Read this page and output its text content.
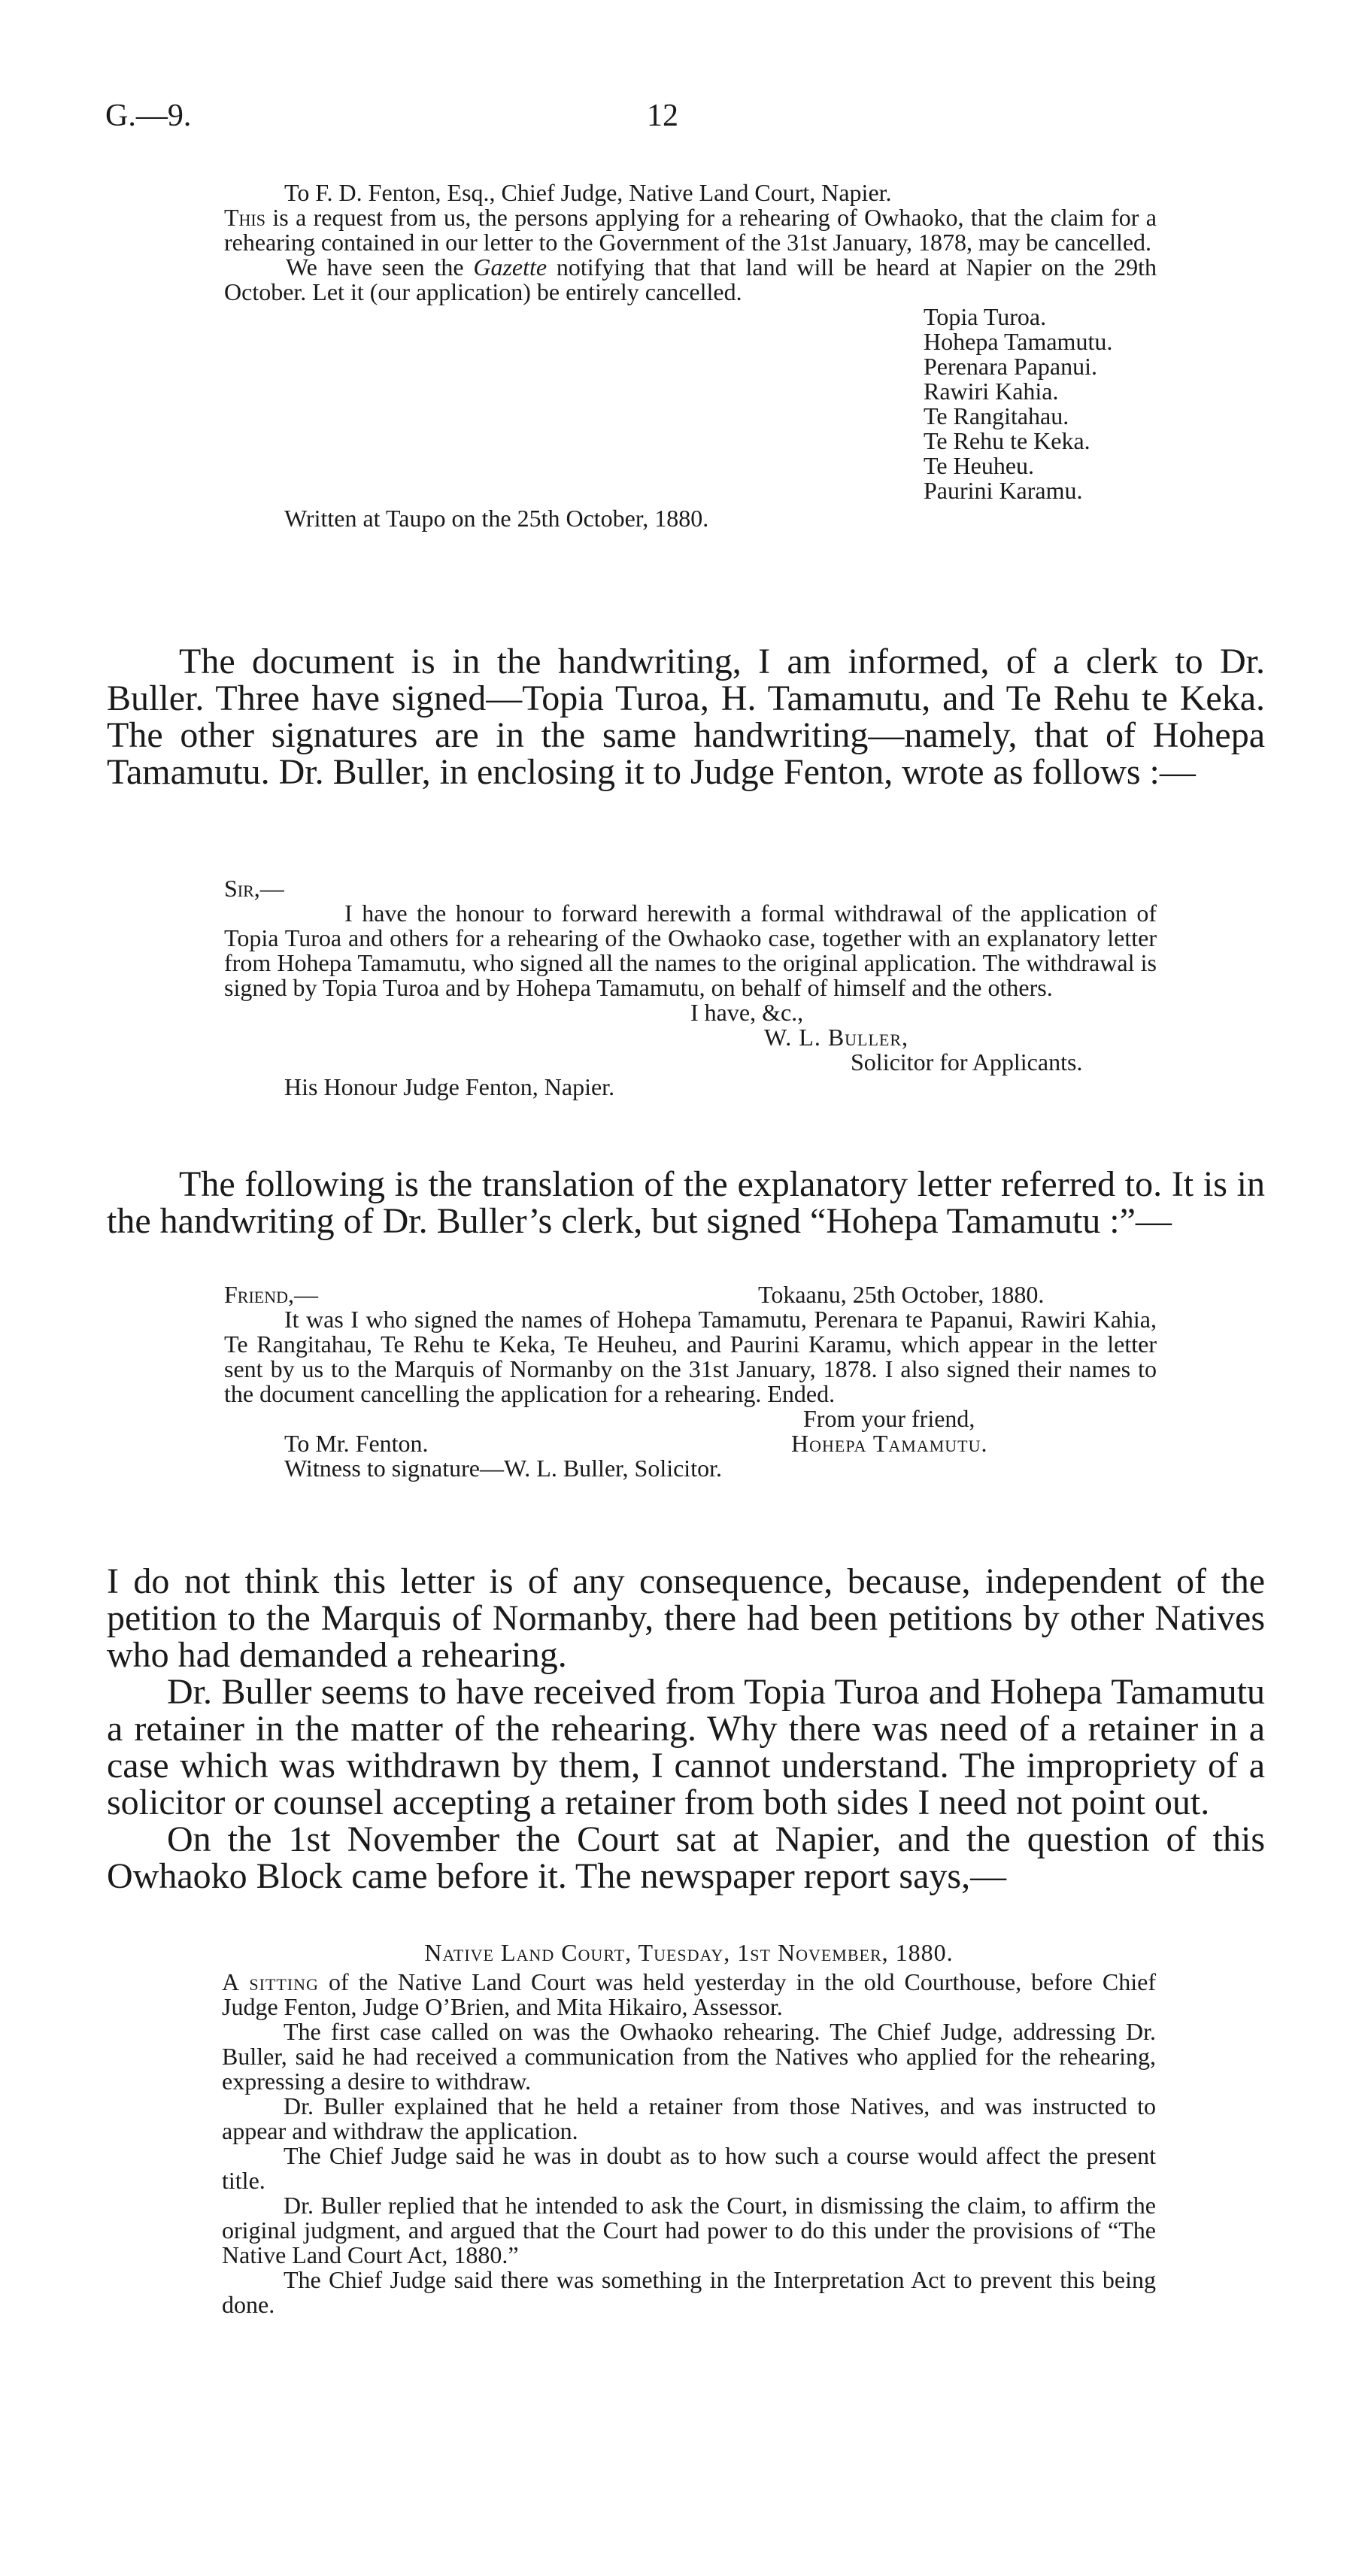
G.—9.	12

To F. D. Fenton, Esq., Chief Judge, Native Land Court, Napier.

This is a request from us, the persons applying for a rehearing of Owhaoko, that the claim for a rehearing contained in our letter to the Government of the 31st January, 1878, may be cancelled.

We have seen the Gazette notifying that that land will be heard at Napier on the 29th October. Let it (our application) be entirely cancelled.

Topia Turoa.

Hohepa Tamamutu.

Perenara Papanui.

Rawiri Kahia.

Te Rangitahau.

Te Rehu te Keka.

Te Heuheu.

Paurini Karamu.

Written at Taupo on the 25th October, 1880.

The document is in the handwriting, I am informed, of a clerk to Dr. Buller. Three have signed—Topia Turoa, H. Tamamutu, and Te Rehu te Keka. The other signatures are in the same handwriting—namely, that of Hohepa Tamamutu. Dr. Buller, in enclosing it to Judge Fenton, wrote as follows :—

Sir,—

I have the honour to forward herewith a formal withdrawal of the application of Topia Turoa and others for a rehearing of the Owhaoko case, together with an explanatory letter from Hohepa Tamamutu, who signed all the names to the original application. The withdrawal is signed by Topia Turoa and by Hohepa Tamamutu, on behalf of himself and the others.

I have, &c.,

W. L. Buller,

Solicitor for Applicants.

His Honour Judge Fenton, Napier.

The following is the translation of the explanatory letter referred to. It is in the handwriting of Dr. Buller’s clerk, but signed “Hohepa Tamamutu :”—

Friend,—	Tokaanu, 25th October, 1880.

It was I who signed the names of Hohepa Tamamutu, Perenara te Papanui, Rawiri Kahia, Te Rangitahau, Te Rehu te Keka, Te Heuheu, and Paurini Karamu, which appear in the letter sent by us to the Marquis of Normanby on the 31st January, 1878. I also signed their names to the document cancelling the application for a rehearing. Ended.

From your friend,

To Mr. Fenton.	Hohepa Tamamutu.

Witness to signature—W. L. Buller, Solicitor.

I do not think this letter is of any consequence, because, independent of the petition to the Marquis of Normanby, there had been petitions by other Natives who had demanded a rehearing.

Dr. Buller seems to have received from Topia Turoa and Hohepa Tamamutu a retainer in the matter of the rehearing. Why there was need of a retainer in a case which was withdrawn by them, I cannot understand. The impropriety of a solicitor or counsel accepting a retainer from both sides I need not point out.

On the 1st November the Court sat at Napier, and the question of this Owhaoko Block came before it. The newspaper report says,—

Native Land Court, Tuesday, 1st November, 1880.

A sitting of the Native Land Court was held yesterday in the old Courthouse, before Chief Judge Fenton, Judge O’Brien, and Mita Hikairo, Assessor.

The first case called on was the Owhaoko rehearing. The Chief Judge, addressing Dr. Buller, said he had received a communication from the Natives who applied for the rehearing, expressing a desire to withdraw.

Dr. Buller explained that he held a retainer from those Natives, and was instructed to appear and withdraw the application.

The Chief Judge said he was in doubt as to how such a course would affect the present title.

Dr. Buller replied that he intended to ask the Court, in dismissing the claim, to affirm the original judgment, and argued that the Court had power to do this under the provisions of “The Native Land Court Act, 1880.”

The Chief Judge said there was something in the Interpretation Act to prevent this being done.
